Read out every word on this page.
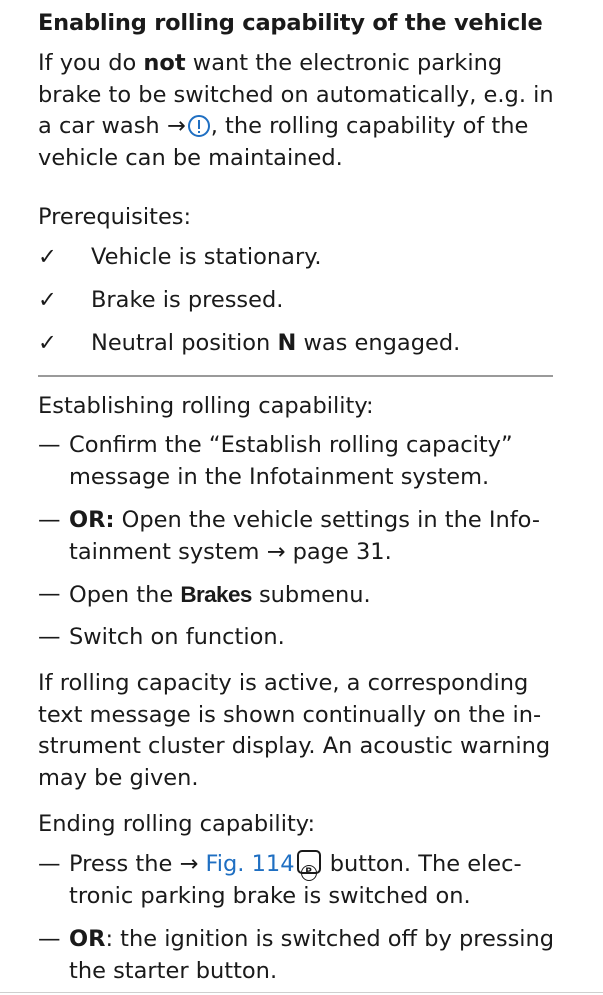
Enabling rolling capability of the vehicle
If you do not want the electronic parking brake to be switched on automatically, e.g. in a car wash → , the rolling capability of the vehicle can be maintained.
Prerequisites:
✓ Vehicle is stationary.
✓ Brake is pressed.
✓ Neutral position N was engaged.
Establishing rolling capability:
— Confirm the “Establish rolling capacity”
message in the Infotainment system.
— OR: Open the vehicle settings in the Info-
tainment system → page 31.
— Open the Brakes submenu.
— Switch on function.
If rolling capacity is active, a corresponding
text message is shown continually on the in-
strument cluster display. An acoustic warning
may be given.
Ending rolling capability:
— Press the → Fig. 114 P button. The elec-
tronic parking brake is switched on.
— OR: the ignition is switched off by pressing
the starter button.
